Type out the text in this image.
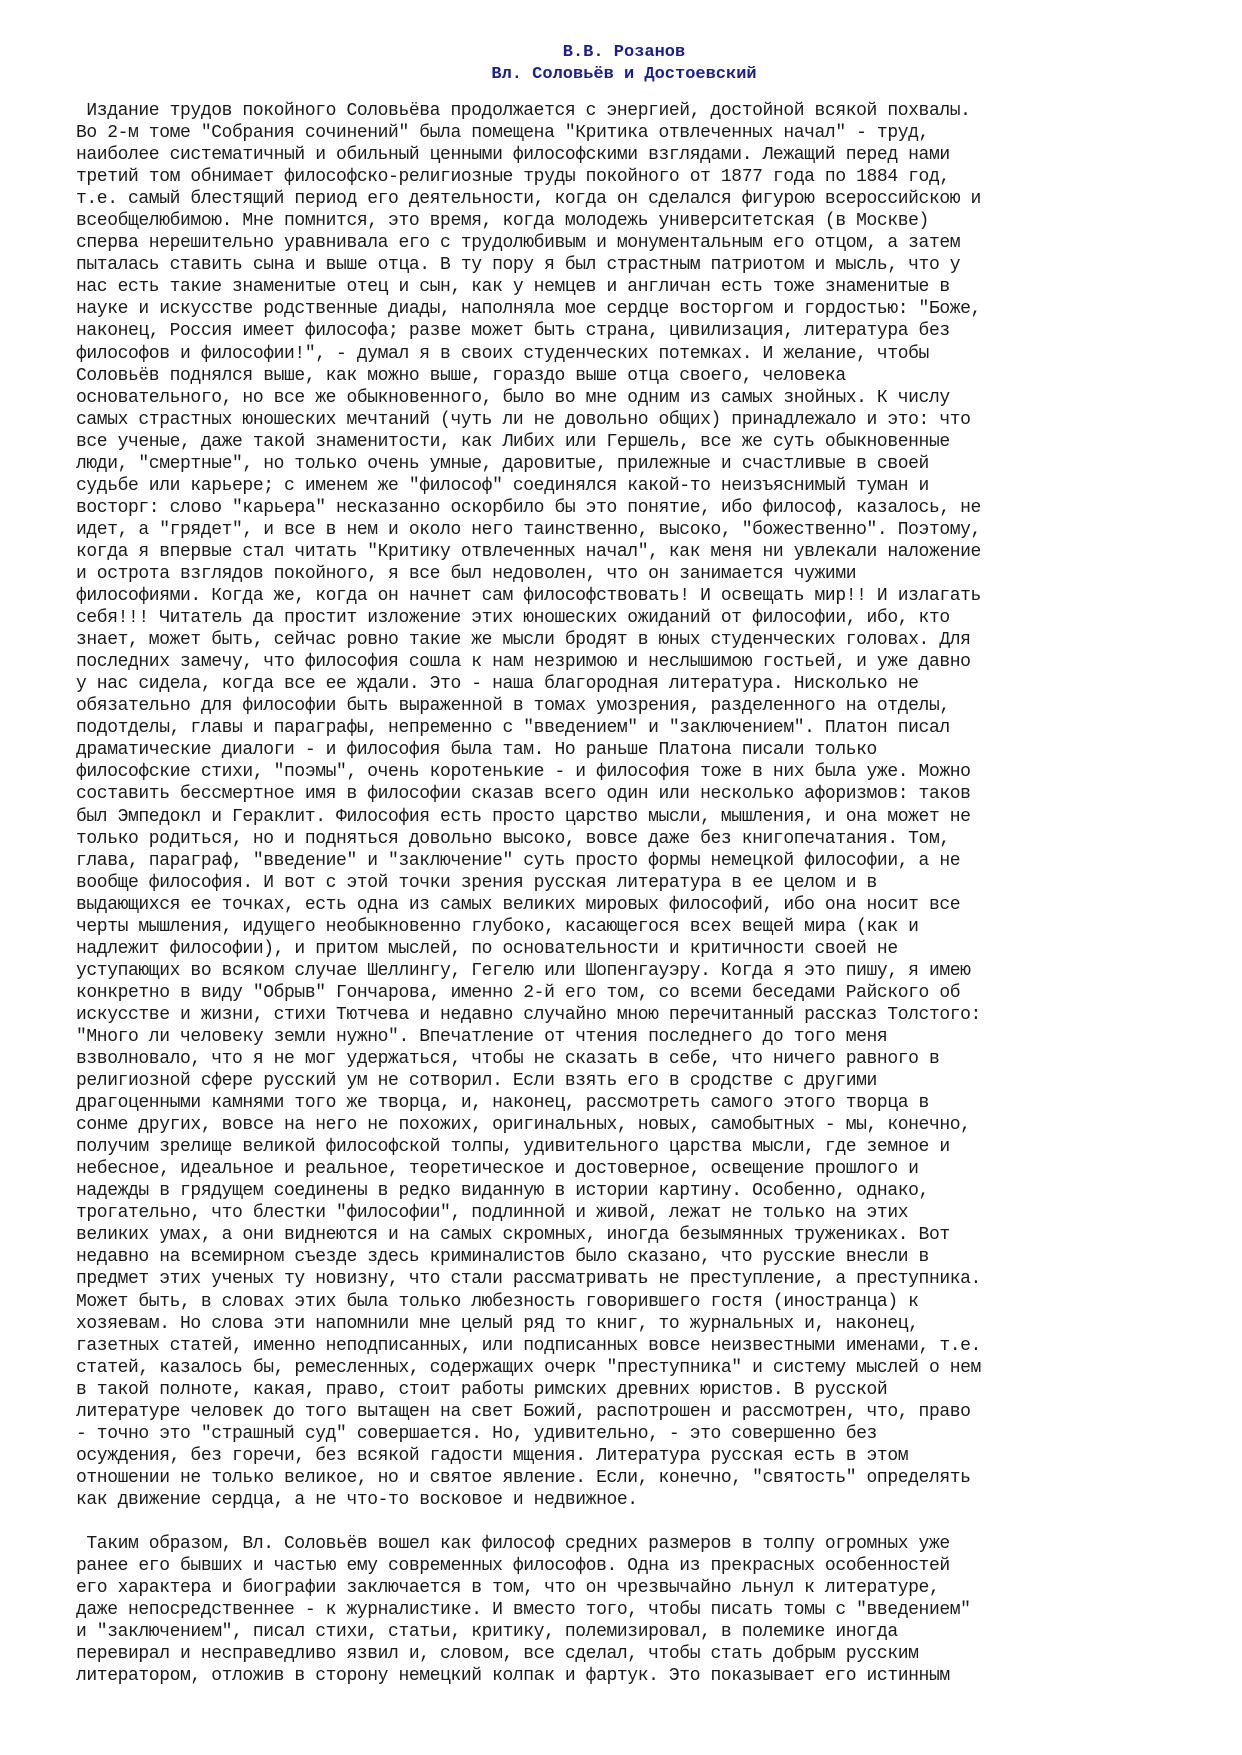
В.В. Розанов
Вл. Соловьёв и Достоевский

Издание трудов покойного Соловьёва продолжается с энергией, достойной всякой похвалы.
Во 2-м томе "Собрания сочинений" была помещена "Критика отвлеченных начал" - труд,
наиболее систематичный и обильный ценными философскими взглядами. Лежащий перед нами
третий том обнимает философско-религиозные труды покойного от 1877 года по 1884 год,
т.е. самый блестящий период его деятельности, когда он сделался фигурою всероссийскою и
всеобщелюбимою. Мне помнится, это время, когда молодежь университетская (в Москве)
сперва нерешительно уравнивала его с трудолюбивым и монументальным его отцом, а затем
пыталась ставить сына и выше отца. В ту пору я был страстным патриотом и мысль, что у
нас есть такие знаменитые отец и сын, как у немцев и англичан есть тоже знаменитые в
науке и искусстве родственные диады, наполняла мое сердце восторгом и гордостью: "Боже,
наконец, Россия имеет философа; разве может быть страна, цивилизация, литература без
философов и философии!", - думал я в своих студенческих потемках. И желание, чтобы
Соловьёв поднялся выше, как можно выше, гораздо выше отца своего, человека
основательного, но все же обыкновенного, было во мне одним из самых знойных. К числу
самых страстных юношеских мечтаний (чуть ли не довольно общих) принадлежало и это: что
все ученые, даже такой знаменитости, как Либих или Гершель, все же суть обыкновенные
люди, "смертные", но только очень умные, даровитые, прилежные и счастливые в своей
судьбе или карьере; с именем же "философ" соединялся какой-то неизъяснимый туман и
восторг: слово "карьера" несказанно оскорбило бы это понятие, ибо философ, казалось, не
идет, а "грядет", и все в нем и около него таинственно, высоко, "божественно". Поэтому,
когда я впервые стал читать "Критику отвлеченных начал", как меня ни увлекали наложение
и острота взглядов покойного, я все был недоволен, что он занимается чужими
философиями. Когда же, когда он начнет сам философствовать! И освещать мир!! И излагать
себя!!! Читатель да простит изложение этих юношеских ожиданий от философии, ибо, кто
знает, может быть, сейчас ровно такие же мысли бродят в юных студенческих головах. Для
последних замечу, что философия сошла к нам незримою и неслышимою гостьей, и уже давно
у нас сидела, когда все ее ждали. Это - наша благородная литература. Нисколько не
обязательно для философии быть выраженной в томах умозрения, разделенного на отделы,
подотделы, главы и параграфы, непременно с "введением" и "заключением". Платон писал
драматические диалоги - и философия была там. Но раньше Платона писали только
философские стихи, "поэмы", очень коротенькие - и философия тоже в них была уже. Можно
составить бессмертное имя в философии сказав всего один или несколько афоризмов: таков
был Эмпедокл и Гераклит. Философия есть просто царство мысли, мышления, и она может не
только родиться, но и подняться довольно высоко, вовсе даже без книгопечатания. Том,
глава, параграф, "введение" и "заключение" суть просто формы немецкой философии, а не
вообще философия. И вот с этой точки зрения русская литература в ее целом и в
выдающихся ее точках, есть одна из самых великих мировых философий, ибо она носит все
черты мышления, идущего необыкновенно глубоко, касающегося всех вещей мира (как и
надлежит философии), и притом мыслей, по основательности и критичности своей не
уступающих во всяком случае Шеллингу, Гегелю или Шопенгауэру. Когда я это пишу, я имею
конкретно в виду "Обрыв" Гончарова, именно 2-й его том, со всеми беседами Райского об
искусстве и жизни, стихи Тютчева и недавно случайно мною перечитанный рассказ Толстого:
"Много ли человеку земли нужно". Впечатление от чтения последнего до того меня
взволновало, что я не мог удержаться, чтобы не сказать в себе, что ничего равного в
религиозной сфере русский ум не сотворил. Если взять его в сродстве с другими
драгоценными камнями того же творца, и, наконец, рассмотреть самого этого творца в
сонме других, вовсе на него не похожих, оригинальных, новых, самобытных - мы, конечно,
получим зрелище великой философской толпы, удивительного царства мысли, где земное и
небесное, идеальное и реальное, теоретическое и достоверное, освещение прошлого и
надежды в грядущем соединены в редко виданную в истории картину. Особенно, однако,
трогательно, что блестки "философии", подлинной и живой, лежат не только на этих
великих умах, а они виднеются и на самых скромных, иногда безымянных тружениках. Вот
недавно на всемирном съезде здесь криминалистов было сказано, что русские внесли в
предмет этих ученых ту новизну, что стали рассматривать не преступление, а преступника.
Может быть, в словах этих была только любезность говорившего гостя (иностранца) к
хозяевам. Но слова эти напомнили мне целый ряд то книг, то журнальных и, наконец,
газетных статей, именно неподписанных, или подписанных вовсе неизвестными именами, т.е.
статей, казалось бы, ремесленных, содержащих очерк "преступника" и систему мыслей о нем
в такой полноте, какая, право, стоит работы римских древних юристов. В русской
литературе человек до того вытащен на свет Божий, распотрошен и рассмотрен, что, право
- точно это "страшный суд" совершается. Но, удивительно, - это совершенно без
осуждения, без горечи, без всякой гадости мщения. Литература русская есть в этом
отношении не только великое, но и святое явление. Если, конечно, "святость" определять
как движение сердца, а не что-то восковое и недвижное.

Таким образом, Вл. Соловьёв вошел как философ средних размеров в толпу огромных уже
ранее его бывших и частью ему современных философов. Одна из прекрасных особенностей
его характера и биографии заключается в том, что он чрезвычайно льнул к литературе,
даже непосредственнее - к журналистике. И вместо того, чтобы писать томы с "введением"
и "заключением", писал стихи, статьи, критику, полемизировал, в полемике иногда
перевирал и несправедливо язвил и, словом, все сделал, чтобы стать добрым русским
литератором, отложив в сторону немецкий колпак и фартук. Это показывает его истинным
